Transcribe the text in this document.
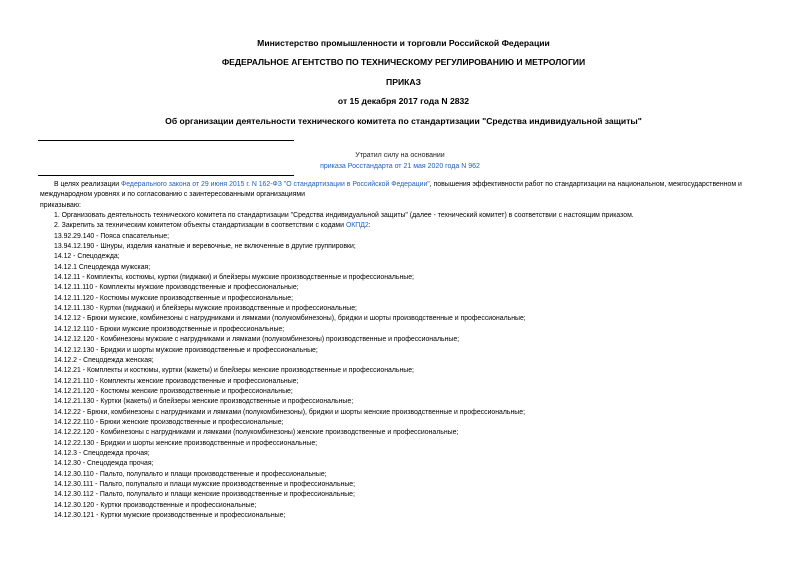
Министерство промышленности и торговли Российской Федерации
ФЕДЕРАЛЬНОЕ АГЕНТСТВО ПО ТЕХНИЧЕСКОМУ РЕГУЛИРОВАНИЮ И МЕТРОЛОГИИ
ПРИКАЗ
от 15 декабря 2017 года N 2832
Об организации деятельности технического комитета по стандартизации "Средства индивидуальной защиты"
Утратил силу на основании
приказа Росстандарта от 21 мая 2020 года N 962
В целях реализации Федерального закона от 29 июня 2015 г. N 162-ФЗ "О стандартизации в Российской Федерации", повышения эффективности работ по стандартизации на национальном, межгосударственном и международном уровнях и по согласованию с заинтересованными организациями
приказываю:
1. Организовать деятельность технического комитета по стандартизации "Средства индивидуальной защиты" (далее - технический комитет) в соответствии с настоящим приказом.
2. Закрепить за техническим комитетом объекты стандартизации в соответствии с кодами ОКПД2:
13.92.29.140 - Пояса спасательные;
13.94.12.190 - Шнуры, изделия канатные и веревочные, не включенные в другие группировки;
14.12 - Спецодежда;
14.12.1 Спецодежда мужская;
14.12.11 - Комплекты, костюмы, куртки (пиджаки) и блейзеры мужские производственные и профессиональные;
14.12.11.110 - Комплекты мужские производственные и профессиональные;
14.12.11.120 - Костюмы мужские производственные и профессиональные;
14.12.11.130 - Куртки (пиджаки) и блейзеры мужские производственные и профессиональные;
14.12.12 - Брюки мужские, комбинезоны с нагрудниками и лямками (полукомбинезоны), бриджи и шорты производственные и профессиональные;
14.12.12.110 - Брюки мужские производственные и профессиональные;
14.12.12.120 - Комбинезоны мужские с нагрудниками и лямками (полукомбинезоны) производственные и профессиональные;
14.12.12.130 - Бриджи и шорты мужские производственные и профессиональные;
14.12.2 - Спецодежда женская;
14.12.21 - Комплекты и костюмы, куртки (жакеты) и блейзеры женские производственные и профессиональные;
14.12.21.110 - Комплекты женские производственные и профессиональные;
14.12.21.120 - Костюмы женские производственные и профессиональные;
14.12.21.130 - Куртки (жакеты) и блейзеры женские производственные и профессиональные;
14.12.22 - Брюки, комбинезоны с нагрудниками и лямками (полукомбинезоны), бриджи и шорты женские производственные и профессиональные;
14.12.22.110 - Брюки женские производственные и профессиональные;
14.12.22.120 - Комбинезоны с нагрудниками и лямками (полукомбинезоны) женские производственные и профессиональные;
14.12.22.130 - Бриджи и шорты женские производственные и профессиональные;
14.12.3 - Спецодежда прочая;
14.12.30 - Спецодежда прочая;
14.12.30.110 - Пальто, полупальто и плащи производственные и профессиональные;
14.12.30.111 - Пальто, полупальто и плащи мужские производственные и профессиональные;
14.12.30.112 - Пальто, полупальто и плащи женские производственные и профессиональные;
14.12.30.120 - Куртки производственные и профессиональные;
14.12.30.121 - Куртки мужские производственные и профессиональные;
